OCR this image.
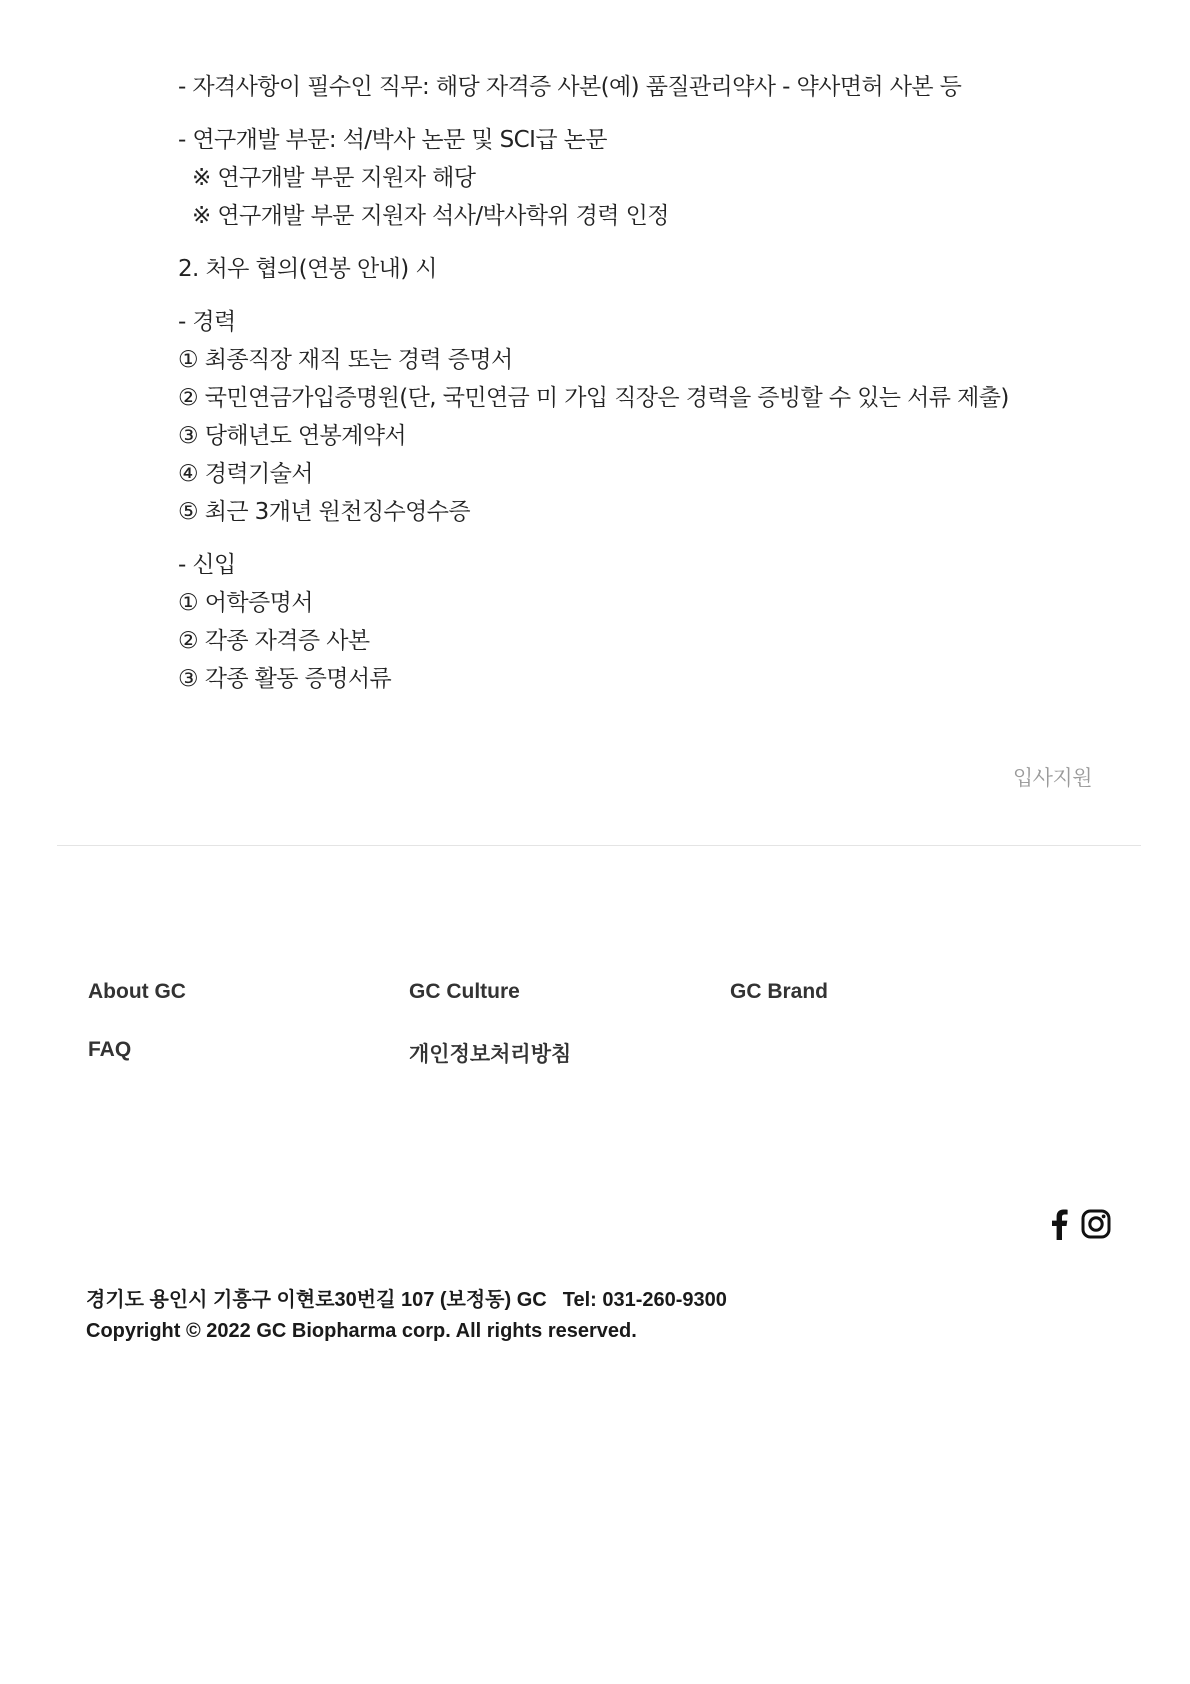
- 자격사항이 필수인 직무: 해당 자격증 사본(예) 품질관리약사 - 약사면허 사본 등
- 연구개발 부문: 석/박사 논문 및 SCI급 논문
※ 연구개발 부문 지원자 해당
※ 연구개발 부문 지원자 석사/박사학위 경력 인정
2. 처우 협의(연봉 안내) 시
- 경력
① 최종직장 재직 또는 경력 증명서
② 국민연금가입증명원(단, 국민연금 미 가입 직장은 경력을 증빙할 수 있는 서류 제출)
③ 당해년도 연봉계약서
④ 경력기술서
⑤ 최근 3개년 원천징수영수증
- 신입
① 어학증명서
② 각종 자격증 사본
③ 각종 활동 증명서류
입사지원
About GC	GC Culture	GC Brand
FAQ	개인정보처리방침
경기도 용인시 기흥구 이현로30번길 107 (보정동) GC Tel: 031-260-9300
Copyright © 2022 GC Biopharma corp. All rights reserved.
